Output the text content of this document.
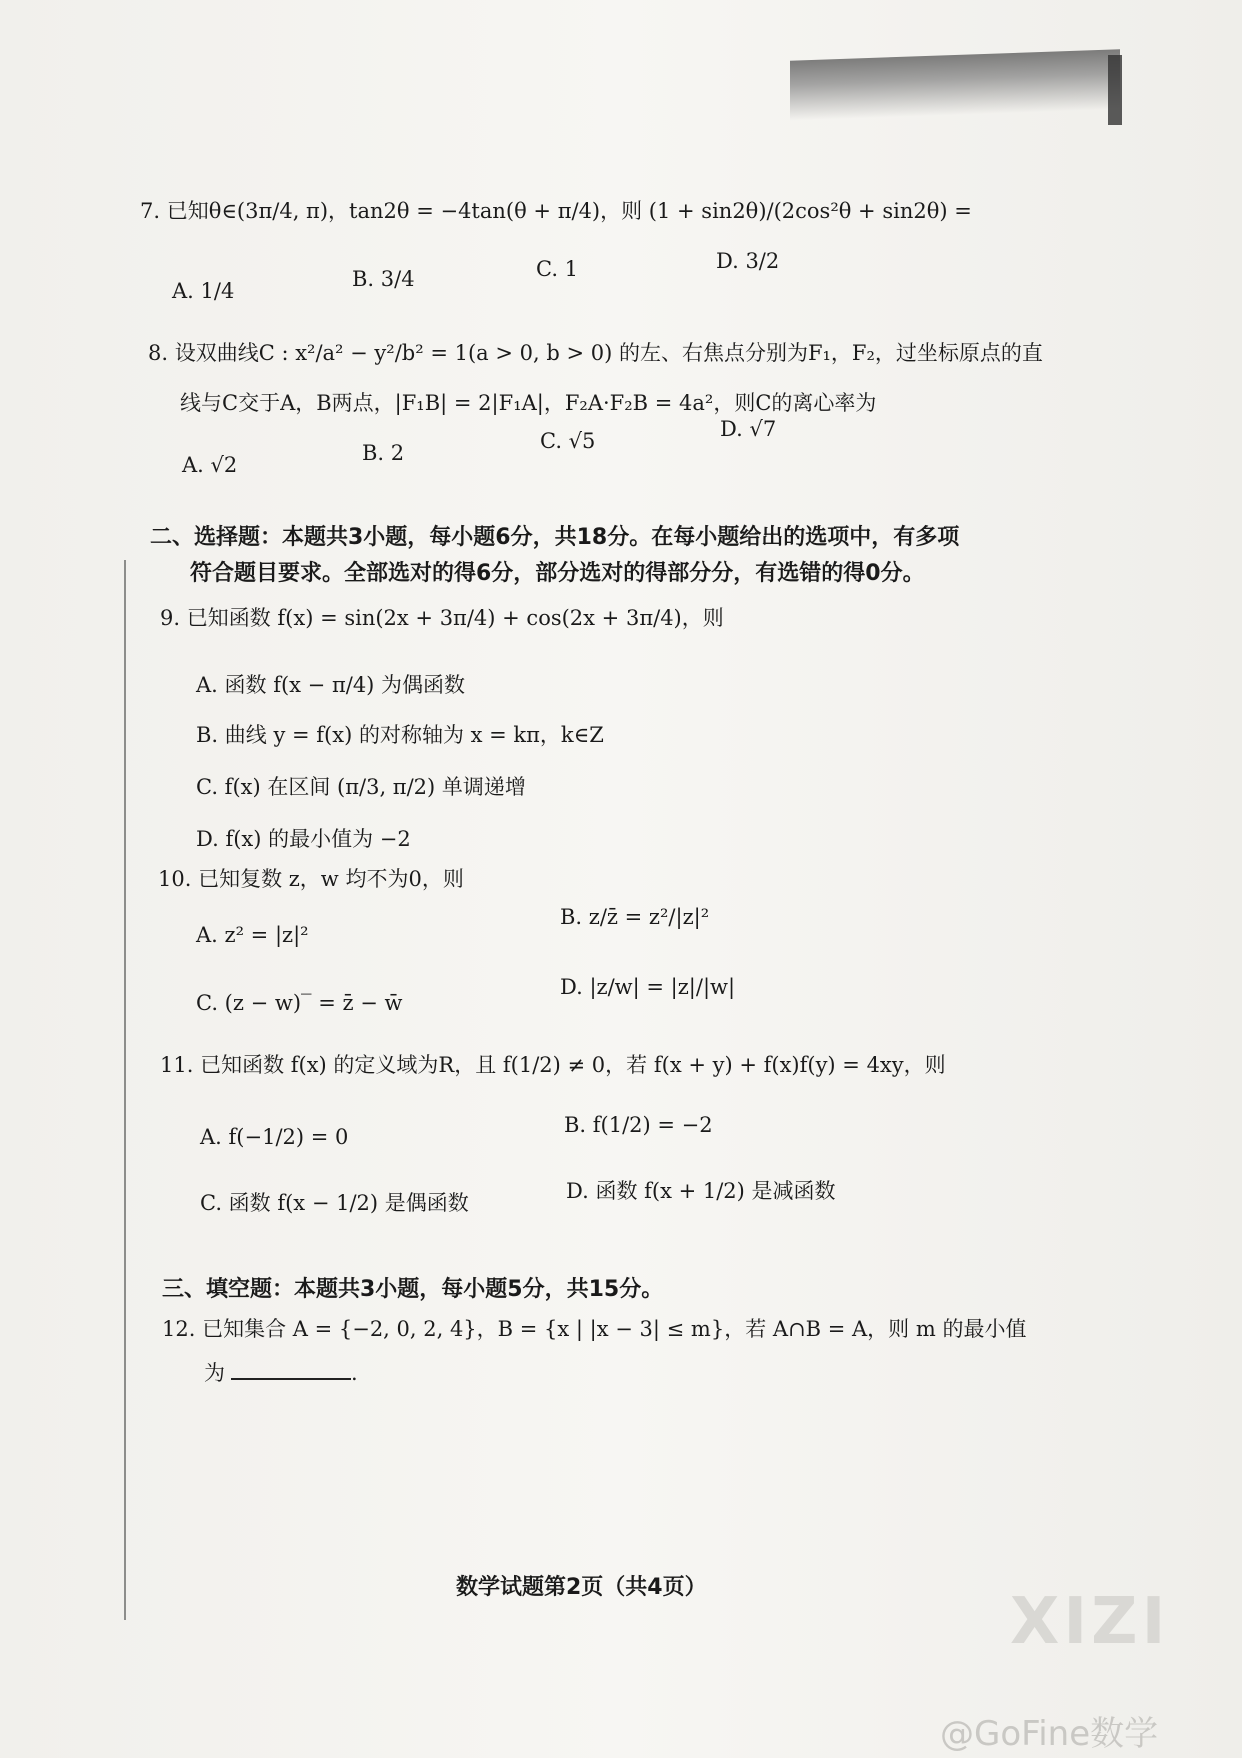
7. 已知θ∈(3π/4, π)，tan2θ = −4tan(θ + π/4)，则 (1 + sin2θ)/(2cos²θ + sin2θ) =
A. 1/4	B. 3/4	C. 1	D. 3/2
8. 设双曲线C : x²/a² − y²/b² = 1(a > 0, b > 0) 的左、右焦点分别为F₁，F₂，过坐标原点的直
线与C交于A，B两点，|F₁B| = 2|F₁A|，F₂A·F₂B = 4a²，则C的离心率为
A. √2	B. 2	C. √5	D. √7
二、选择题：本题共3小题，每小题6分，共18分。在每小题给出的选项中，有多项
符合题目要求。全部选对的得6分，部分选对的得部分分，有选错的得0分。
9. 已知函数 f(x) = sin(2x + 3π/4) + cos(2x + 3π/4)，则
A. 函数 f(x − π/4) 为偶函数
B. 曲线 y = f(x) 的对称轴为 x = kπ，k∈Z
C. f(x) 在区间 (π/3, π/2) 单调递增
D. f(x) 的最小值为 −2
10. 已知复数 z，w 均不为0，则
A. z² = |z|²
B. z/z̄ = z²/|z|²
C. (z − w)‾ = z̄ − w̄
D. |z/w| = |z|/|w|
11. 已知函数 f(x) 的定义域为R，且 f(1/2) ≠ 0，若 f(x + y) + f(x)f(y) = 4xy，则
A. f(−1/2) = 0	B. f(1/2) = −2
C. 函数 f(x − 1/2) 是偶函数	D. 函数 f(x + 1/2) 是减函数
三、填空题：本题共3小题，每小题5分，共15分。
12. 已知集合 A = {−2, 0, 2, 4}，B = {x | |x − 3| ≤ m}，若 A∩B = A，则 m 的最小值
为	.
数学试题第2页（共4页）	XIZI
@GoFine数学
